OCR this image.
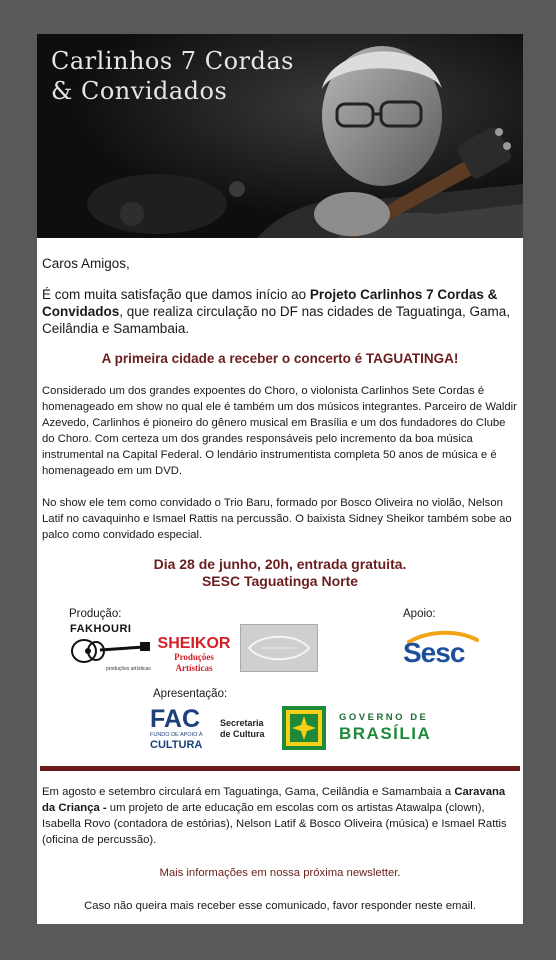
Carlinhos 7 Cordas
& Convidados
Caros Amigos,
É com muita satisfação que damos início ao Projeto Carlinhos 7 Cordas & Convidados, que realiza circulação no DF nas cidades de Taguatinga, Gama, Ceilândia e Samambaia.
A primeira cidade a receber o concerto é TAGUATINGA!
Considerado um dos grandes expoentes do Choro, o violonista Carlinhos Sete Cordas é homenageado em show no qual ele é também um dos músicos integrantes. Parceiro de Waldir Azevedo, Carlinhos é pioneiro do gênero musical em Brasília e um dos fundadores do Clube do Choro. Com certeza um dos grandes responsáveis pelo incremento da boa música instrumental na Capital Federal. O lendário instrumentista completa 50 anos de música e é homenageado em um DVD.
No show ele tem como convidado o Trio Baru, formado por Bosco Oliveira no violão, Nelson Latif no cavaquinho e Ismael Rattis na percussão. O baixista Sidney Sheikor também sobe ao palco como convidado especial.
Dia 28 de junho, 20h, entrada gratuita.
SESC Taguatinga Norte
Produção:	Apoio:
FAKHOURI
produções artísticas
SHEIKOR
Produções Artísticas	Sesc
Apresentação:
FAC
FUNDO DE APOIO À
CULTURA
Secretaria
de Cultura
GOVERNO DE
BRASÍLIA
Em agosto e setembro circulará em Taguatinga, Gama, Ceilândia e Samambaia a Caravana da Criança - um projeto de arte educação em escolas com os artistas Atawalpa (clown), Isabella Rovo (contadora de estórias), Nelson Latif & Bosco Oliveira (música) e Ismael Rattis (oficina de percussão).
Mais informações em nossa próxima newsletter.
Caso não queira mais receber esse comunicado, favor responder neste email.
